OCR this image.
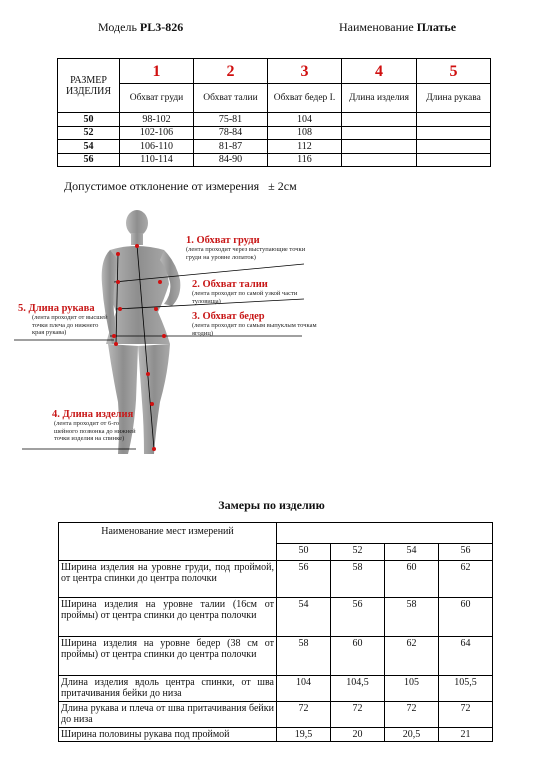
Модель PL3-826	Наименование Платье
РАЗМЕР ИЗДЕЛИЯ	1	2	3	4	5
	Обхват груди	Обхват талии	Обхват бедер I.	Длина изделия	Длина рукава
50	98-102	75-81	104		
52	102-106	78-84	108		
54	106-110	81-87	112		
56	110-114	84-90	116		
Допустимое отклонение от измерения   ± 2см
1. Обхват груди
(лента проходит через выступающие точки груди на уровне лопаток)
2. Обхват талии
(лента проходит по самой узкой части туловища)
3. Обхват бедер
(лента проходит по самым выпуклым точкам ягодиц)
5. Длина рукава
(лента проходит от высшей точки плеча до нижнего края рукава)
4. Длина изделия
(лента проходит от 6-го шейного позвонка до нижней точки изделия на спинке)
Замеры по изделию
Наименование мест измерений				
	50	52	54	56
Ширина изделия на уровне груди, под проймой, от центра спинки до центра полочки	56	58	60	62
Ширина изделия на уровне талии (16см от проймы) от центра спинки до центра полочки	54	56	58	60
Ширина изделия на уровне бедер (38 см от проймы) от центра спинки до центра полочки	58	60	62	64
Длина изделия вдоль центра спинки, от шва притачивания бейки до низа	104	104,5	105	105,5
Длина рукава и плеча от шва притачивания бейки до низа	72	72	72	72
Ширина половины рукава под проймой	19,5	20	20,5	21
